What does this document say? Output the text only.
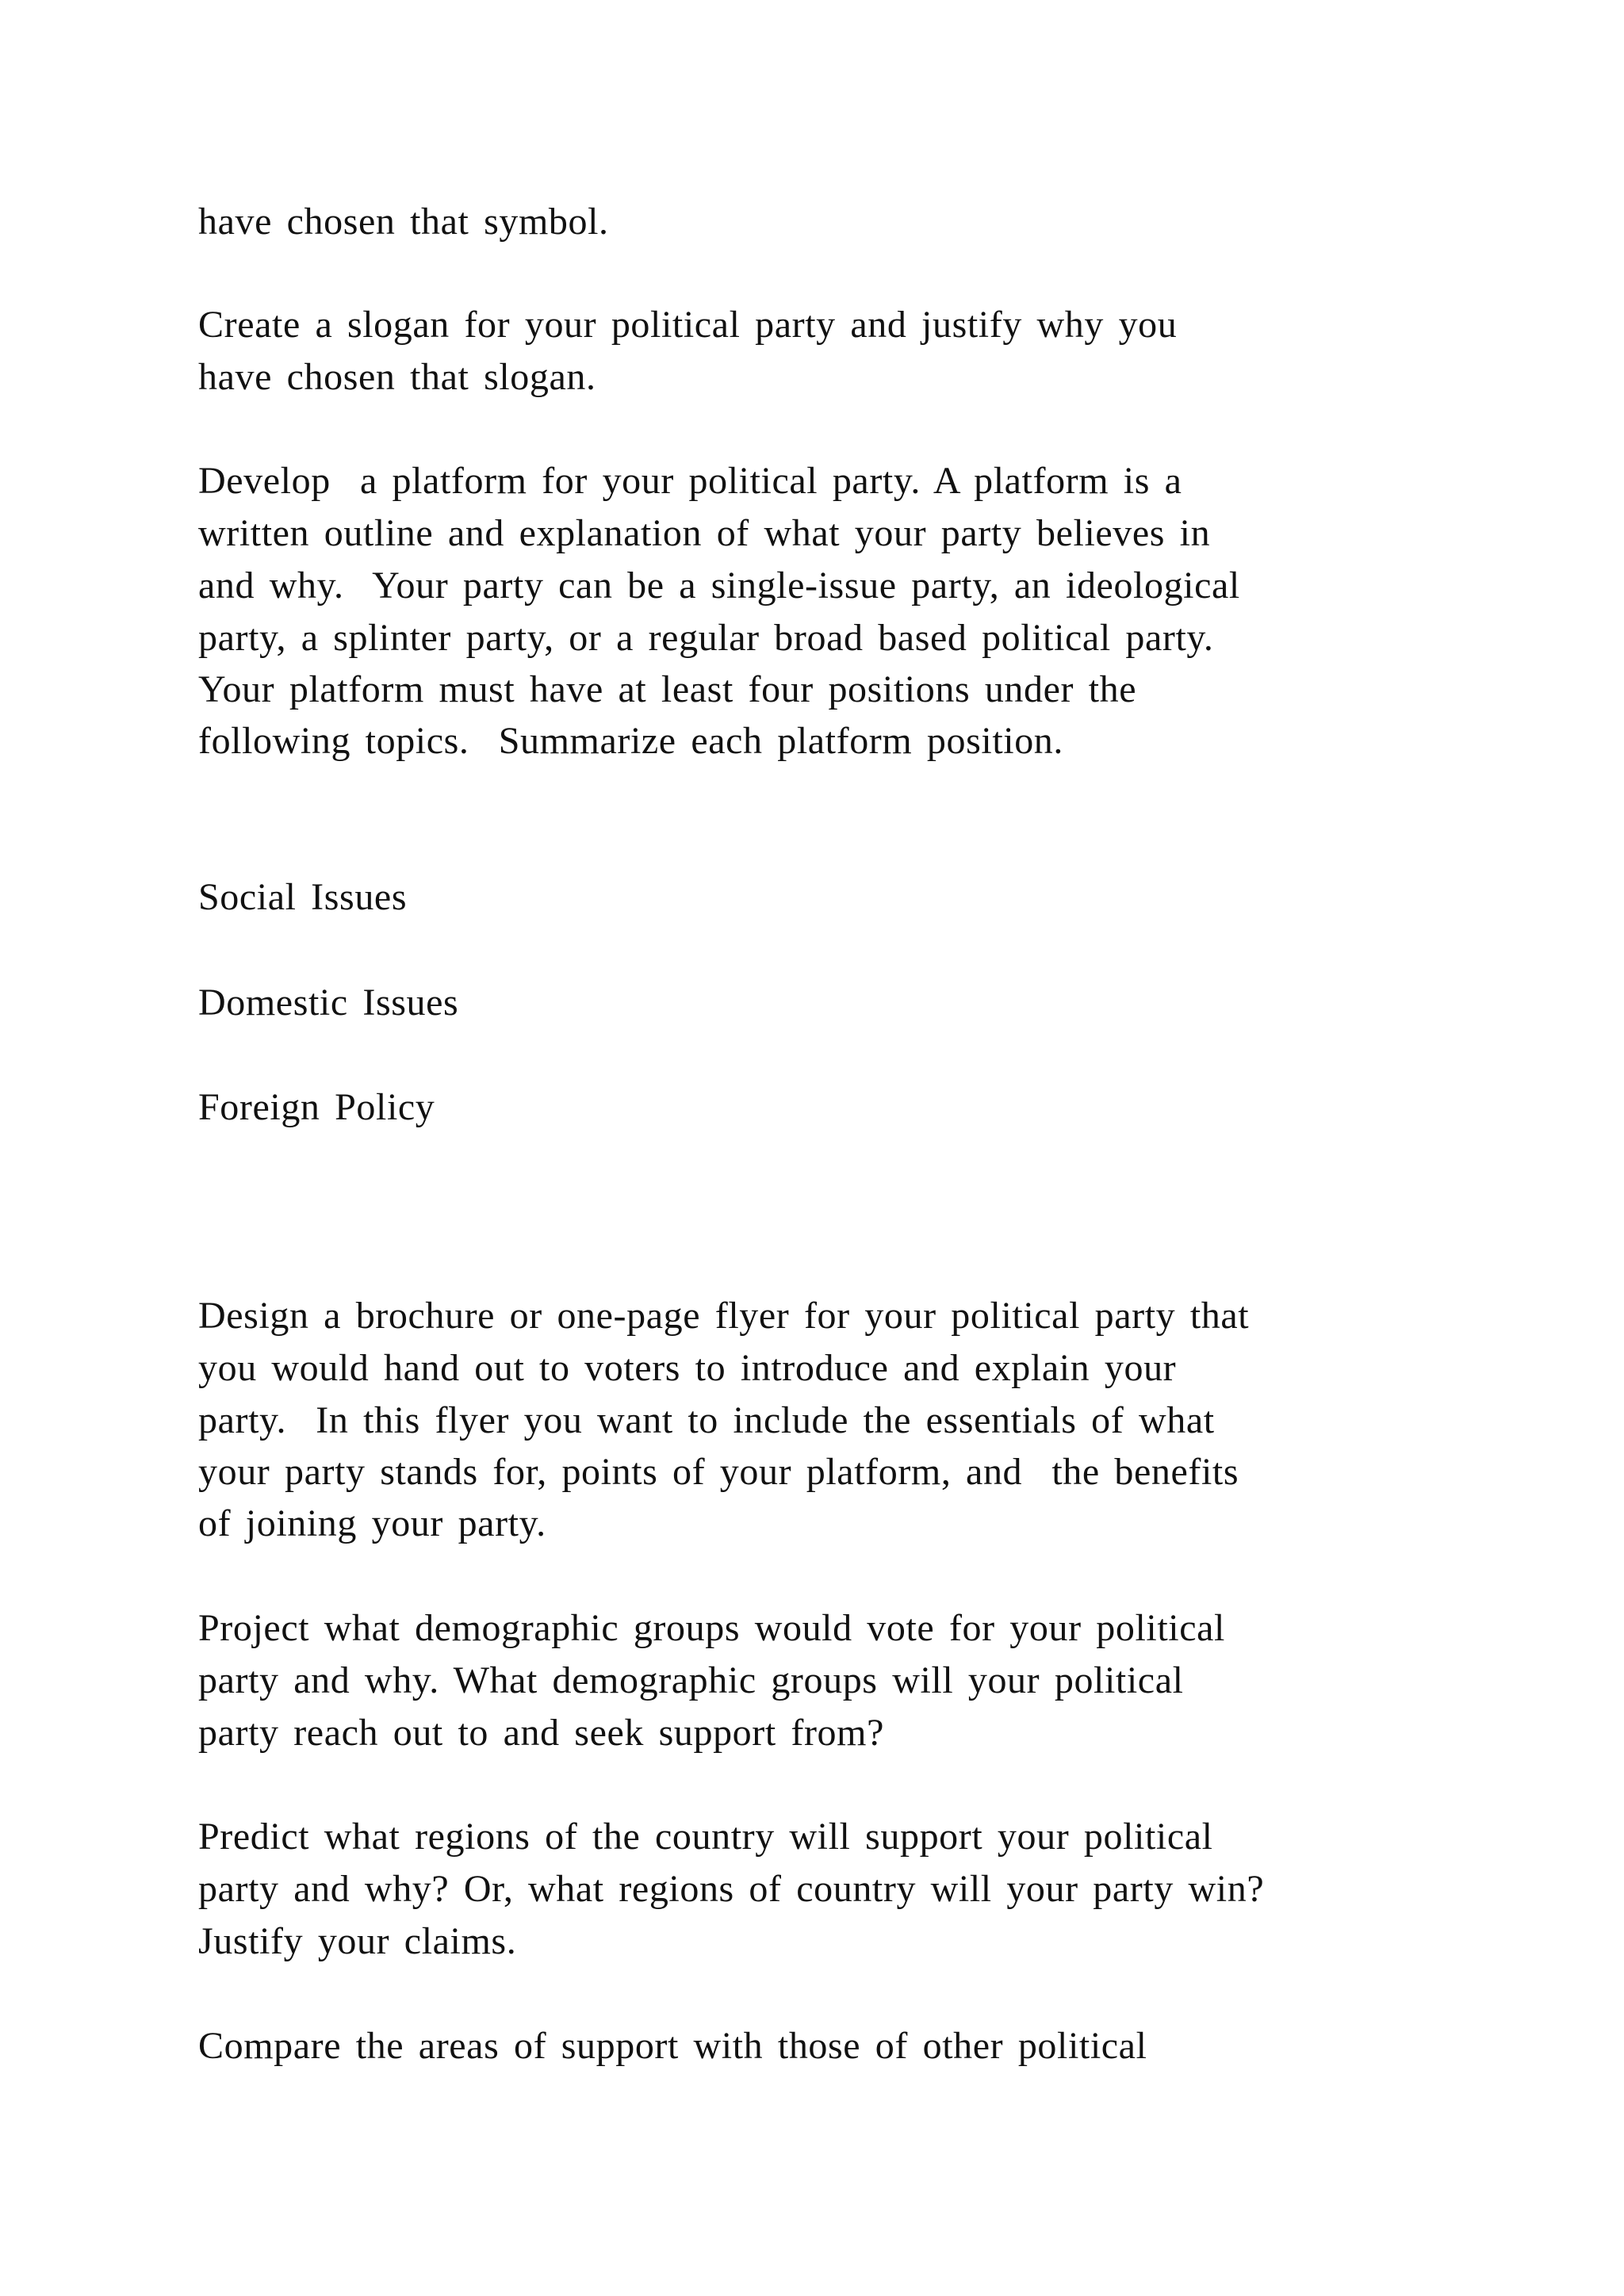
have chosen that symbol.

Create a slogan for your political party and justify why you

have chosen that slogan.

Develop  a platform for your political party. A platform is a

written outline and explanation of what your party believes in

and why.  Your party can be a single-issue party, an ideological

party, a splinter party, or a regular broad based political party.

Your platform must have at least four positions under the

following topics.  Summarize each platform position.

Social Issues

Domestic Issues

Foreign Policy

Design a brochure or one-page flyer for your political party that

you would hand out to voters to introduce and explain your

party.  In this flyer you want to include the essentials of what

your party stands for, points of your platform, and  the benefits

of joining your party.

Project what demographic groups would vote for your political

party and why. What demographic groups will your political

party reach out to and seek support from?

Predict what regions of the country will support your political

party and why? Or, what regions of country will your party win?

Justify your claims.

Compare the areas of support with those of other political
